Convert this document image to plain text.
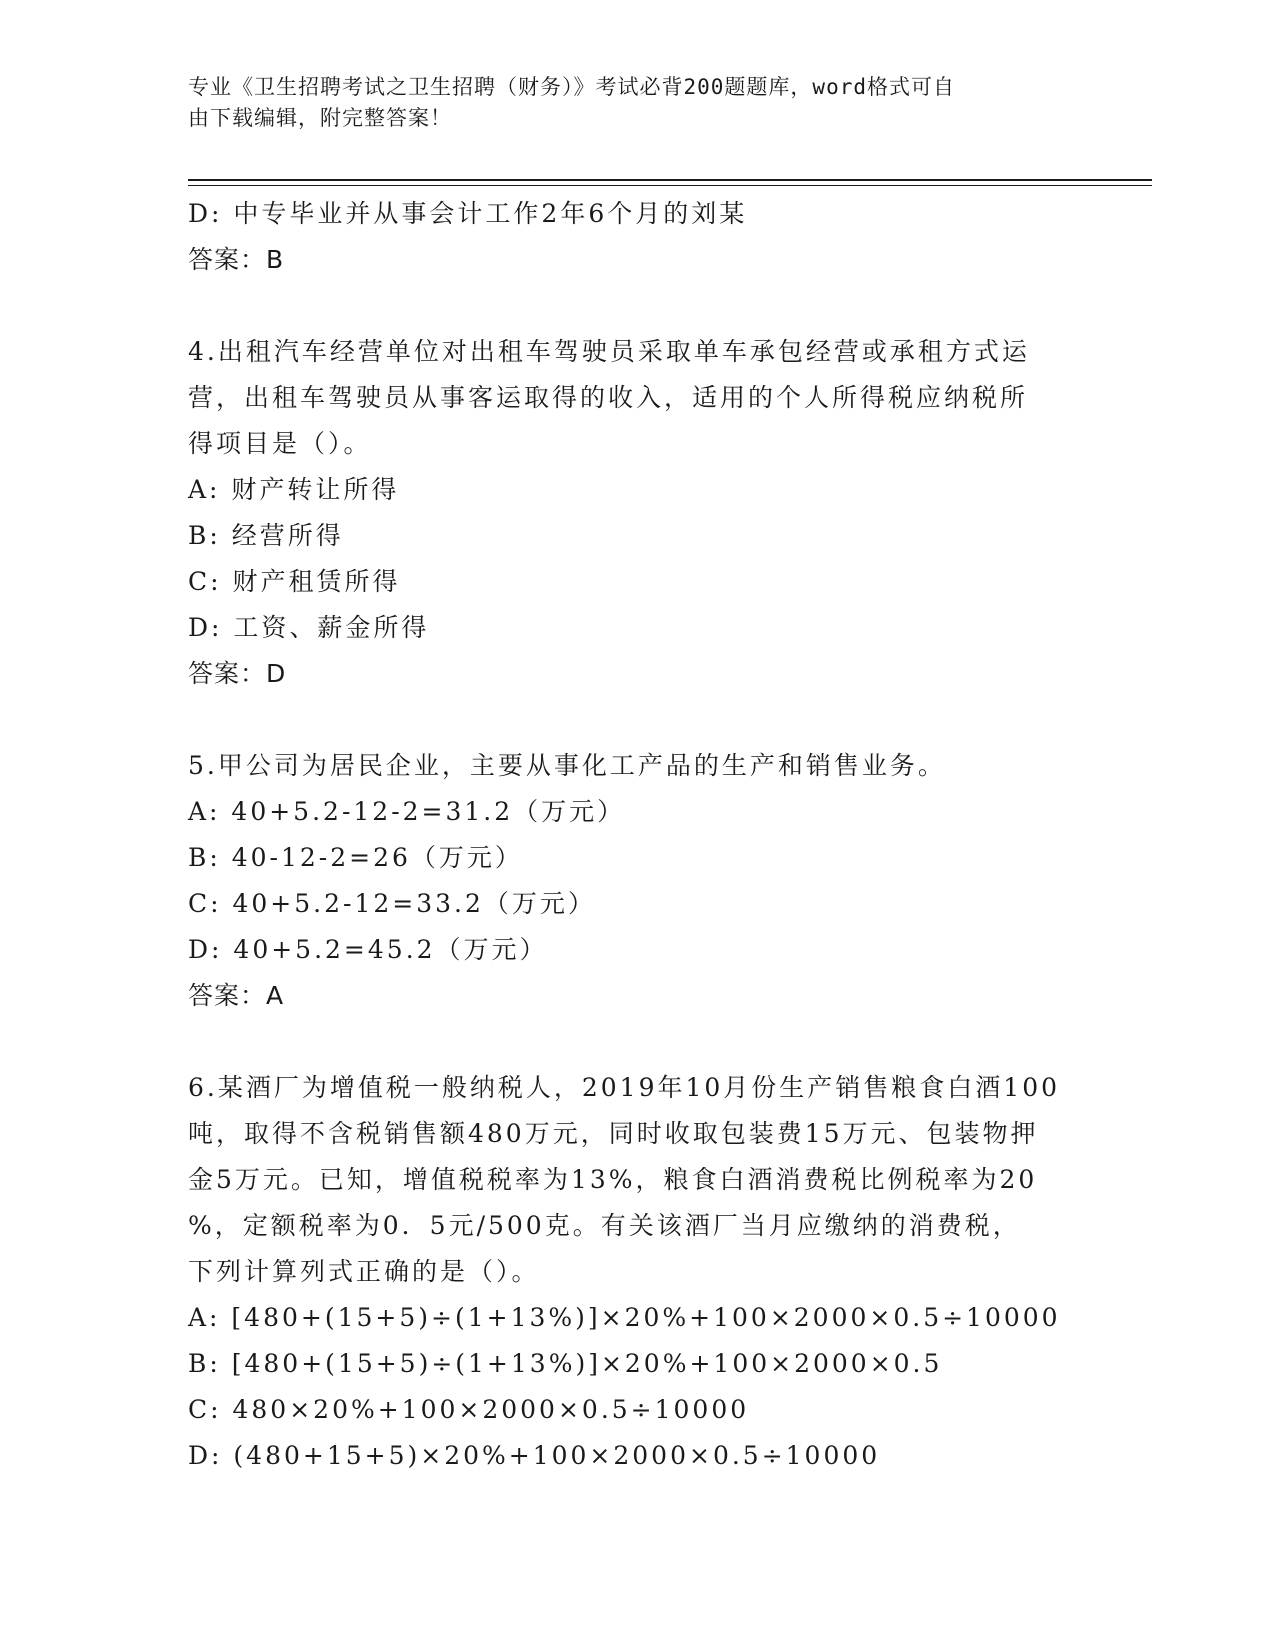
专业《卫生招聘考试之卫生招聘（财务）》考试必背200题题库，word格式可自
由下载编辑，附完整答案！

D: 中专毕业并从事会计工作2年6个月的刘某

答案：B

4.出租汽车经营单位对出租车驾驶员采取单车承包经营或承租方式运

营，出租车驾驶员从事客运取得的收入，适用的个人所得税应纳税所

得项目是（）。

A: 财产转让所得

B: 经营所得

C: 财产租赁所得

D: 工资、薪金所得

答案：D

5.甲公司为居民企业，主要从事化工产品的生产和销售业务。

A: 40+5.2-12-2=31.2（万元）

B: 40-12-2=26（万元）

C: 40+5.2-12=33.2（万元）

D: 40+5.2=45.2（万元）

答案：A

6.某酒厂为增值税一般纳税人，2019年10月份生产销售粮食白酒100

吨，取得不含税销售额480万元，同时收取包装费15万元、包装物押

金5万元。已知，增值税税率为13%，粮食白酒消费税比例税率为20

%，定额税率为0．5元/500克。有关该酒厂当月应缴纳的消费税，

下列计算列式正确的是（）。

A: [480+(15+5)÷(1+13%)]×20%+100×2000×0.5÷10000

B: [480+(15+5)÷(1+13%)]×20%+100×2000×0.5

C: 480×20%+100×2000×0.5÷10000

D: (480+15+5)×20%+100×2000×0.5÷10000
